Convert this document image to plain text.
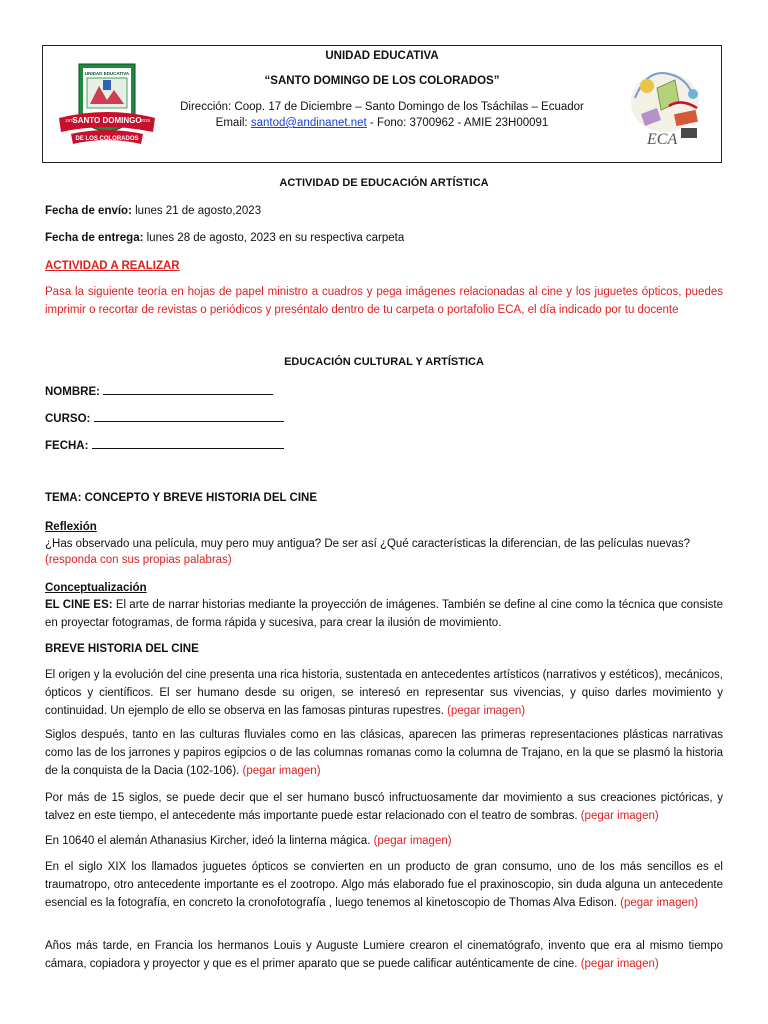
UNIDAD EDUCATIVA
1970	2015
SANTO DOMINGO
DE LOS COLORADOS
UNIDAD EDUCATIVA
“SANTO DOMINGO DE LOS COLORADOS”
Dirección: Coop. 17 de Diciembre – Santo Domingo de los Tsáchilas – Ecuador
Email: santod@andinanet.net - Fono: 3700962 - AMIE 23H00091
ECA
ACTIVIDAD DE EDUCACIÓN ARTÍSTICA
Fecha de envío: lunes 21 de agosto,2023
Fecha de entrega: lunes 28 de agosto, 2023 en su respectiva carpeta
ACTIVIDAD A REALIZAR
Pasa la siguiente teoría en hojas de papel ministro a cuadros y pega imágenes relacionadas al cine y los juguetes ópticos, puedes imprimir o recortar de revistas o periódicos y preséntalo dentro de tu carpeta o portafolio ECA, el día indicado por tu docente
EDUCACIÓN CULTURAL Y ARTÍSTICA
NOMBRE:
CURSO:
FECHA:
TEMA: CONCEPTO Y BREVE HISTORIA DEL CINE
Reflexión
¿Has observado una película, muy pero muy antigua? De ser así ¿Qué características la diferencian, de las películas nuevas?
(responda con sus propias palabras)
Conceptualización
EL CINE ES: El arte de narrar historias mediante la proyección de imágenes. También se define al cine como la técnica que consiste en proyectar fotogramas, de forma rápida y sucesiva, para crear la ilusión de movimiento.
BREVE HISTORIA DEL CINE
El origen y la evolución del cine presenta una rica historia, sustentada en antecedentes artísticos (narrativos y estéticos), mecánicos, ópticos y científicos. El ser humano desde su origen, se interesó en representar sus vivencias, y quiso darles movimiento y continuidad. Un ejemplo de ello se observa en las famosas pinturas rupestres. (pegar imagen)
Siglos después, tanto en las culturas fluviales como en las clásicas, aparecen las primeras representaciones plásticas narrativas como las de los jarrones y papiros egipcios o de las columnas romanas como la columna de Trajano, en la que se plasmó la historia de la conquista de la Dacia (102-106). (pegar imagen)
Por más de 15 siglos, se puede decir que el ser humano buscó infructuosamente dar movimiento a sus creaciones pictóricas, y talvez en este tiempo, el antecedente más importante puede estar relacionado con el teatro de sombras. (pegar imagen)
En 10640 el alemán Athanasius Kircher, ideó la linterna mágica. (pegar imagen)
En el siglo XIX los llamados juguetes ópticos se convierten en un producto de gran consumo, uno de los más sencillos es el traumatropo, otro antecedente importante es el zootropo. Algo más elaborado fue el praxinoscopio, sin duda alguna un antecedente esencial es la fotografía, en concreto la cronofotografía , luego tenemos al kinetoscopio de Thomas Alva Edison. (pegar imagen)
Años más tarde, en Francia los hermanos Louis y Auguste Lumiere crearon el cinematógrafo, invento que era al mismo tiempo cámara, copiadora y proyector y que es el primer aparato que se puede calificar auténticamente de cine. (pegar imagen)
